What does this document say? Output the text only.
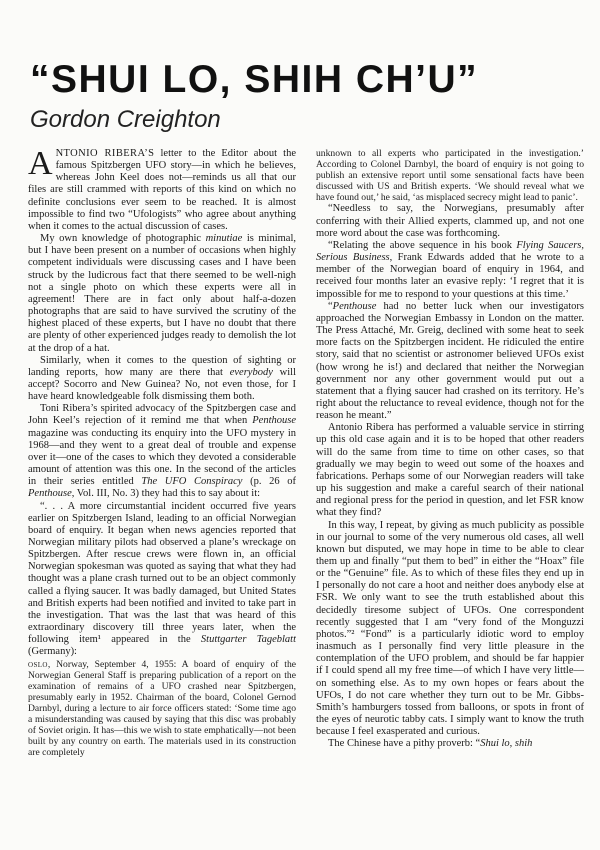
“SHUI LO, SHIH CH’U”
Gordon Creighton

ANTONIO RIBERA’S letter to the Editor about the famous Spitzbergen UFO story—in which he believes, whereas John Keel does not—reminds us all that our files are still crammed with reports of this kind on which no definite conclusions ever seem to be reached. It is almost impossible to find two “Ufologists” who agree about anything when it comes to the actual discussion of cases.

My own knowledge of photographic minutiae is minimal, but I have been present on a number of occasions when highly competent individuals were discussing cases and I have been struck by the ludicrous fact that there seemed to be well-nigh not a single photo on which these experts were all in agreement! There are in fact only about half-a-dozen photographs that are said to have survived the scrutiny of the highest placed of these experts, but I have no doubt that there are plenty of other experienced judges ready to demolish the lot at the drop of a hat.

Similarly, when it comes to the question of sighting or landing reports, how many are there that everybody will accept? Socorro and New Guinea? No, not even those, for I have heard knowledgeable folk dismissing them both.

Toni Ribera’s spirited advocacy of the Spitzbergen case and John Keel’s rejection of it remind me that when Penthouse magazine was conducting its enquiry into the UFO mystery in 1968—and they went to a great deal of trouble and expense over it—one of the cases to which they devoted a considerable amount of attention was this one. In the second of the articles in their series entitled The UFO Conspiracy (p. 26 of Penthouse, Vol. III, No. 3) they had this to say about it:

“. . . A more circumstantial incident occurred five years earlier on Spitzbergen Island, leading to an official Norwegian board of enquiry. It began when news agencies reported that Norwegian military pilots had observed a plane’s wreckage on Spitzbergen. After rescue crews were flown in, an official Norwegian spokesman was quoted as saying that what they had thought was a plane crash turned out to be an object commonly called a flying saucer. It was badly damaged, but United States and British experts had been notified and invited to take part in the investigation. That was the last that was heard of this extraordinary discovery till three years later, when the following item¹ appeared in the Stuttgarter Tageblatt (Germany):

oslo, Norway, September 4, 1955: A board of enquiry of the Norwegian General Staff is preparing publication of a report on the examination of remains of a UFO crashed near Spitzbergen, presumably early in 1952. Chairman of the board, Colonel Gernod Darnbyl, during a lecture to air force officers stated: ‘Some time ago a misunderstanding was caused by saying that this disc was probably of Soviet origin. It has—this we wish to state emphatically—not been built by any country on earth. The materials used in its construction are completely

unknown to all experts who participated in the investigation.’ According to Colonel Darnbyl, the board of enquiry is not going to publish an extensive report until some sensational facts have been discussed with US and British experts. ‘We should reveal what we have found out,’ he said, ‘as misplaced secrecy might lead to panic’.

“Needless to say, the Norwegians, presumably after conferring with their Allied experts, clammed up, and not one more word about the case was forthcoming.

“Relating the above sequence in his book Flying Saucers, Serious Business, Frank Edwards added that he wrote to a member of the Norwegian board of enquiry in 1964, and received four months later an evasive reply: ‘I regret that it is impossible for me to respond to your questions at this time.’

“Penthouse had no better luck when our investigators approached the Norwegian Embassy in London on the matter. The Press Attaché, Mr. Greig, declined with some heat to seek more facts on the Spitzbergen incident. He ridiculed the entire story, said that no scientist or astronomer believed UFOs exist (how wrong he is!) and declared that neither the Norwegian government nor any other government would put out a statement that a flying saucer had crashed on its territory. He’s right about the reluctance to reveal evidence, though not for the reason he meant.”

Antonio Ribera has performed a valuable service in stirring up this old case again and it is to be hoped that other readers will do the same from time to time on other cases, so that gradually we may begin to weed out some of the hoaxes and fabrications. Perhaps some of our Norwegian readers will take up his suggestion and make a careful search of their national and regional press for the period in question, and let FSR know what they find?

In this way, I repeat, by giving as much publicity as possible in our journal to some of the very numerous old cases, all well known but disputed, we may hope in time to be able to clear them up and finally “put them to bed” in either the “Hoax” file or the “Genuine” file. As to which of these files they end up in I personally do not care a hoot and neither does anybody else at FSR. We only want to see the truth established about this decidedly tiresome subject of UFOs. One correspondent recently suggested that I am “very fond of the Monguzzi photos.”² “Fond” is a particularly idiotic word to employ inasmuch as I personally find very little pleasure in the contemplation of the UFO problem, and should be far happier if I could spend all my free time—of which I have very little—on something else. As to my own hopes or fears about the UFOs, I do not care whether they turn out to be Mr. Gibbs-Smith’s hamburgers tossed from balloons, or spots in front of the eyes of neurotic tabby cats. I simply want to know the truth because I feel exasperated and curious.

The Chinese have a pithy proverb: “Shui lo, shih
